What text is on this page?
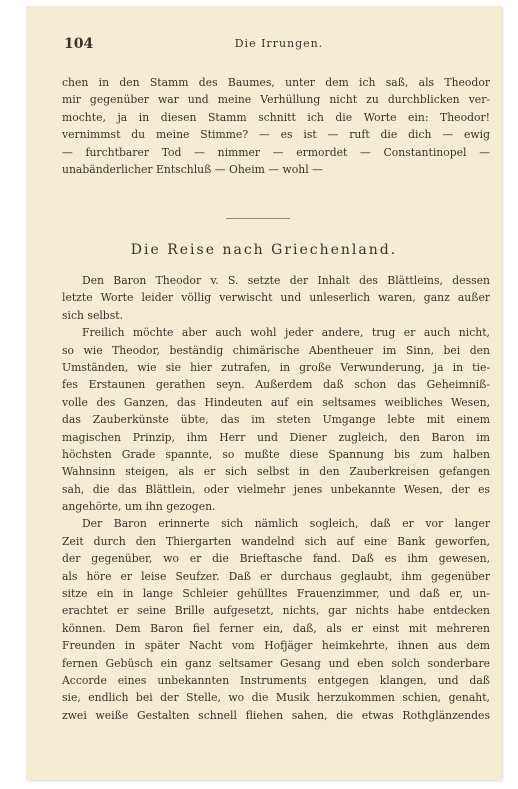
104	Die Irrungen.
chen in den Stamm des Baumes, unter dem ich saß, als Theodor
mir gegenüber war und meine Verhüllung nicht zu durchblicken ver-
mochte, ja in diesen Stamm schnitt ich die Worte ein: Theodor!
vernimmst du meine Stimme? — es ist — ruft die dich — ewig
— furchtbarer Tod — nimmer — ermordet — Constantinopel —
unabänderlicher Entschluß — Oheim — wohl —
Die Reise nach Griechenland.
Den Baron Theodor v. S. setzte der Inhalt des Blättleins, dessen
letzte Worte leider völlig verwischt und unleserlich waren, ganz außer
sich selbst.
Freilich möchte aber auch wohl jeder andere, trug er auch nicht,
so wie Theodor, beständig chimärische Abentheuer im Sinn, bei den
Umständen, wie sie hier zutrafen, in große Verwunderung, ja in tie-
fes Erstaunen gerathen seyn. Außerdem daß schon das Geheimniß-
volle des Ganzen, das Hindeuten auf ein seltsames weibliches Wesen,
das Zauberkünste übte, das im steten Umgange lebte mit einem
magischen Prinzip, ihm Herr und Diener zugleich, den Baron im
höchsten Grade spannte, so mußte diese Spannung bis zum halben
Wahnsinn steigen, als er sich selbst in den Zauberkreisen gefangen
sah, die das Blättlein, oder vielmehr jenes unbekannte Wesen, der es
angehörte, um ihn gezogen.
Der Baron erinnerte sich nämlich sogleich, daß er vor langer
Zeit durch den Thiergarten wandelnd sich auf eine Bank geworfen,
der gegenüber, wo er die Brieftasche fand. Daß es ihm gewesen,
als höre er leise Seufzer. Daß er durchaus geglaubt, ihm gegenüber
sitze ein in lange Schleier gehülltes Frauenzimmer, und daß er, un-
erachtet er seine Brille aufgesetzt, nichts, gar nichts habe entdecken
können. Dem Baron fiel ferner ein, daß, als er einst mit mehreren
Freunden in später Nacht vom Hofjäger heimkehrte, ihnen aus dem
fernen Gebüsch ein ganz seltsamer Gesang und eben solch sonderbare
Accorde eines unbekannten Instruments entgegen klangen, und daß
sie, endlich bei der Stelle, wo die Musik herzukommen schien, genaht,
zwei weiße Gestalten schnell fliehen sahen, die etwas Rothglänzendes
